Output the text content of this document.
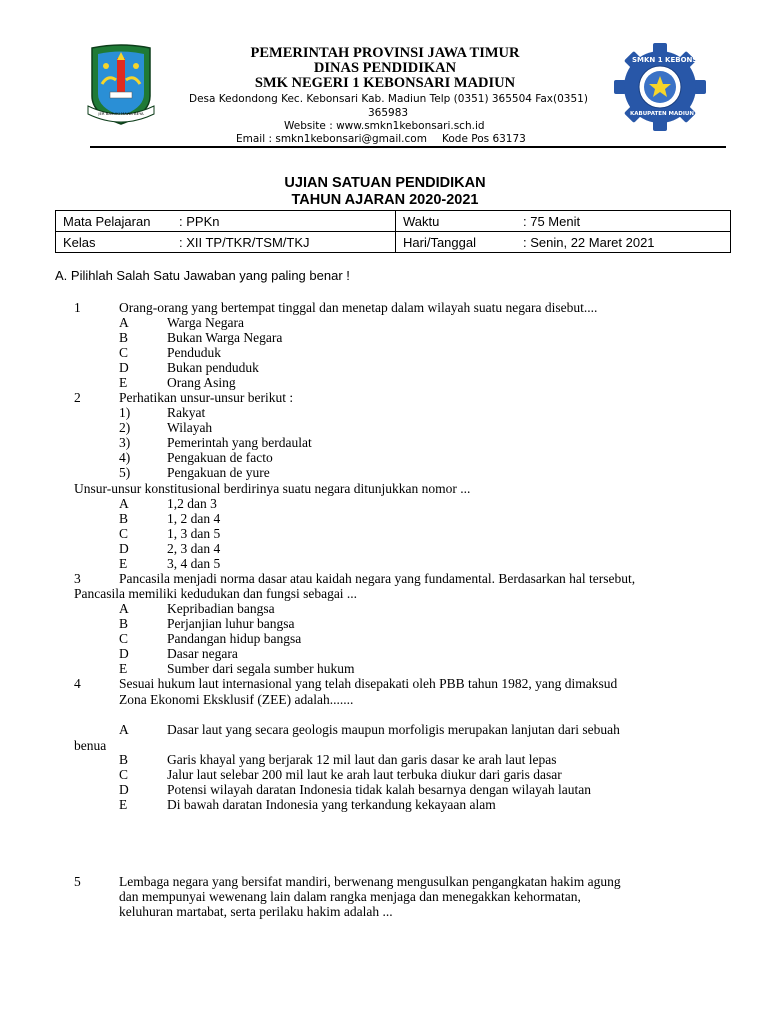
JER BASUKI MAWA BEYA
PEMERINTAH PROVINSI JAWA TIMUR
DINAS PENDIDIKAN
SMK NEGERI 1 KEBONSARI MADIUN
Desa Kedondong Kec. Kebonsari Kab. Madiun Telp (0351) 365504 Fax(0351)
365983
Website : www.smkn1kebonsari.sch.id
Email : smkn1kebonsari@gmail.com Kode Pos 63173
SMKN 1 KEBONSARI
KABUPATEN MADIUN
UJIAN SATUAN PENDIDIKAN
TAHUN AJARAN 2020-2021
Mata Pelajaran : PPKn	Waktu : 75 Menit
Kelas : XII TP/TKR/TSM/TKJ	Hari/Tanggal : Senin, 22 Maret 2021
A. Pilihlah Salah Satu Jawaban yang paling benar !
1	Orang-orang yang bertempat tinggal dan menetap dalam wilayah suatu negara disebut....
A	Warga Negara
B	Bukan Warga Negara
C	Penduduk
D	Bukan penduduk
E	Orang Asing
2	Perhatikan unsur-unsur berikut :
1)	Rakyat
2)	Wilayah
3)	Pemerintah yang berdaulat
4)	Pengakuan de facto
5)	Pengakuan de yure
Unsur-unsur konstitusional berdirinya suatu negara ditunjukkan nomor ...
A	1,2 dan 3
B	1, 2 dan 4
C	1, 3 dan 5
D	2, 3 dan 4
E	3, 4 dan 5
3	Pancasila menjadi norma dasar atau kaidah negara yang fundamental. Berdasarkan hal tersebut,
Pancasila memiliki kedudukan dan fungsi sebagai ...
A	Kepribadian bangsa
B	Perjanjian luhur bangsa
C	Pandangan hidup bangsa
D	Dasar negara
E	Sumber dari segala sumber hukum
4	Sesuai hukum laut internasional yang telah disepakati oleh PBB tahun 1982, yang dimaksud
Zona Ekonomi Eksklusif (ZEE) adalah.......
A	Dasar laut yang secara geologis maupun morfoligis merupakan lanjutan dari sebuah
benua
B	Garis khayal yang berjarak 12 mil laut dan garis dasar ke arah laut lepas
C	Jalur laut selebar 200 mil laut ke arah laut terbuka diukur dari garis dasar
D	Potensi wilayah daratan Indonesia tidak kalah besarnya dengan wilayah lautan
E	Di bawah daratan Indonesia yang terkandung kekayaan alam
5	Lembaga negara yang bersifat mandiri, berwenang mengusulkan pengangkatan hakim agung
dan mempunyai wewenang lain dalam rangka menjaga dan menegakkan kehormatan,
keluhuran martabat, serta perilaku hakim adalah ...
